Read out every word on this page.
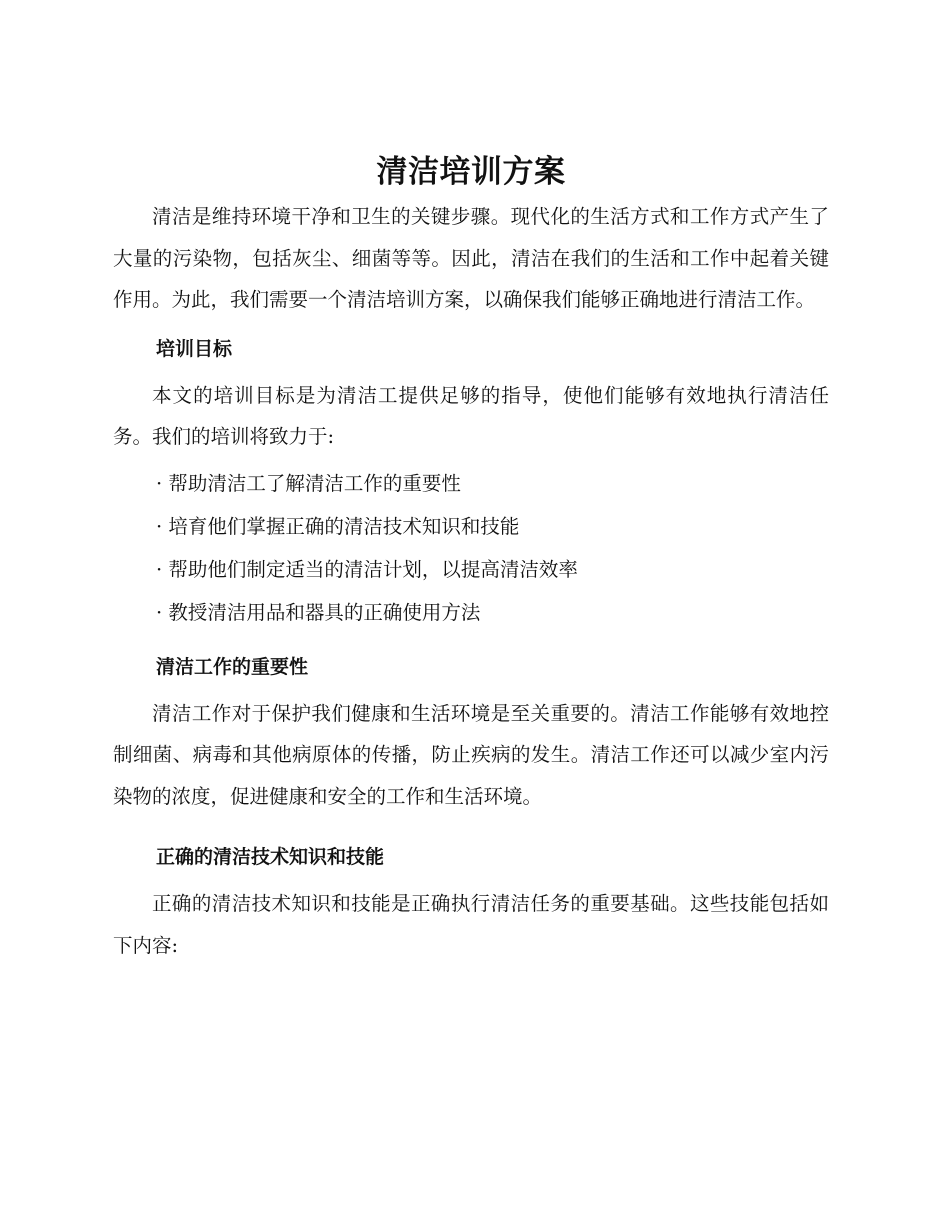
清洁培训方案

清洁是维持环境干净和卫生的关键步骤。现代化的生活方式和工作方式产生了大量的污染物，包括灰尘、细菌等等。因此，清洁在我们的生活和工作中起着关键作用。为此，我们需要一个清洁培训方案，以确保我们能够正确地进行清洁工作。

培训目标

本文的培训目标是为清洁工提供足够的指导，使他们能够有效地执行清洁任务。我们的培训将致力于:

· 帮助清洁工了解清洁工作的重要性
· 培育他们掌握正确的清洁技术知识和技能
· 帮助他们制定适当的清洁计划，以提高清洁效率
· 教授清洁用品和器具的正确使用方法
清洁工作的重要性

清洁工作对于保护我们健康和生活环境是至关重要的。清洁工作能够有效地控制细菌、病毒和其他病原体的传播，防止疾病的发生。清洁工作还可以减少室内污染物的浓度，促进健康和安全的工作和生活环境。

正确的清洁技术知识和技能

正确的清洁技术知识和技能是正确执行清洁任务的重要基础。这些技能包括如下内容:
